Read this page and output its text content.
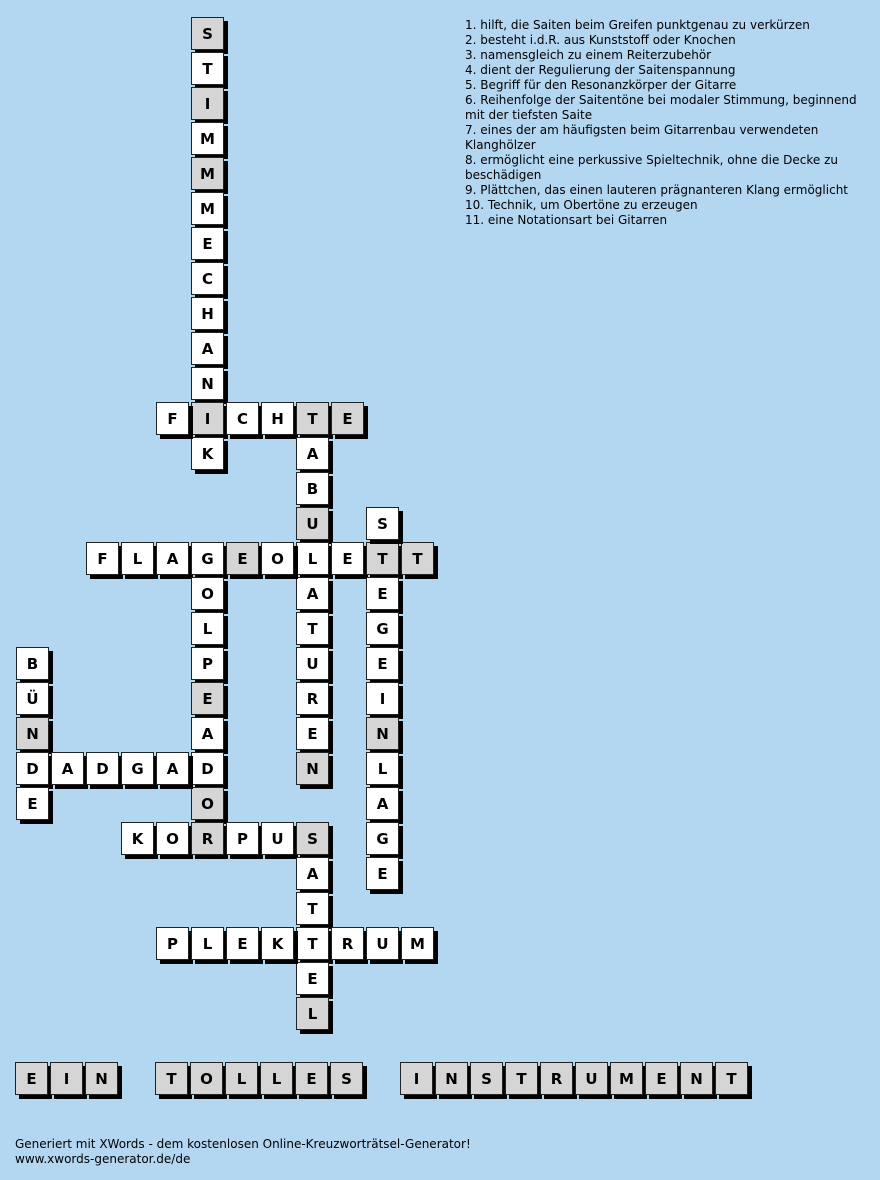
S
T
I
M
M
M
E
C
H
A
N
I
K
F	C	H	T	E
A
B
U
L
A
T
U
R
E
N
F	L	A	G	E	O	E	T	T
S
E
G
E
I
N
L
A
G
E
O
L
P
E
A
D
O
B
Ü
N
D
E
A	D	G	A
K	O	R	P	U	S
A
T
T
E
L
P	L	E	K	R	U	M
E	I	N	T	O	L	L	E	S	I	N	S	T	R	U	M	E	N	T
1. hilft, die Saiten beim Greifen punktgenau zu verkürzen
2. besteht i.d.R. aus Kunststoff oder Knochen
3. namensgleich zu einem Reiterzubehör
4. dient der Regulierung der Saitenspannung
5. Begriff für den Resonanzkörper der Gitarre
6. Reihenfolge der Saitentöne bei modaler Stimmung, beginnend mit der tiefsten Saite
7. eines der am häufigsten beim Gitarrenbau verwendeten Klanghölzer
8. ermöglicht eine perkussive Spieltechnik, ohne die Decke zu beschädigen
9. Plättchen, das einen lauteren prägnanteren Klang ermöglicht
10. Technik, um Obertöne zu erzeugen
11. eine Notationsart bei Gitarren
Generiert mit XWords - dem kostenlosen Online-Kreuzworträtsel-Generator!
www.xwords-generator.de/de
